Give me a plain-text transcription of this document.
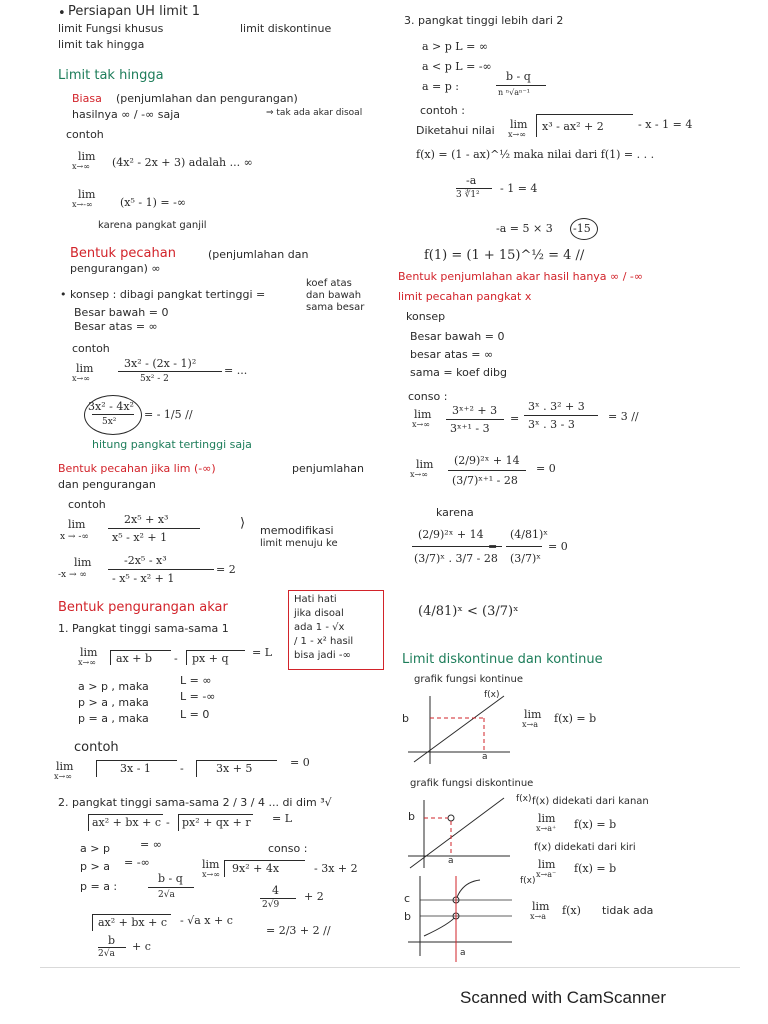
• Persiapan UH limit 1
limit Fungsi khusus	limit diskontinue
limit tak hingga
Limit tak hingga
Biasa (penjumlahan dan pengurangan)
hasilnya ∞ / -∞ saja	⇒ tak ada akar disoal
contoh
lim
x→∞ (4x² - 2x + 3) adalah ... ∞
lim
x→-∞ (x⁵ - 1) = -∞
karena pangkat ganjil
Bentuk pecahan	(penjumlahan dan
pengurangan) ∞
• konsep : dibagi pangkat tertinggi =
koef atas
dan bawah
sama besar
Besar bawah = 0
Besar atas = ∞
contoh
lim
x→∞
3x² - (2x - 1)²
5x² - 2
= ...
3x² - 4x²
5x²
= - 1/5 //
hitung pangkat tertinggi saja
Bentuk pecahan jika lim (-∞)	penjumlahan
dan pengurangan
contoh
lim
x → -∞
2x⁵ + x³
x⁵ - x² + 1
⟩ memodifikasi
limit menuju ke
lim
-x → ∞
-2x⁵ - x³
- x⁵ - x² + 1
= 2
Bentuk pengurangan akar
Hati hati
jika disoal
ada 1 - √x
/ 1 - x² hasil
bisa jadi -∞
1. Pangkat tinggi sama-sama 1
lim
x→∞ ax + b - px + q = L
a > p , maka	L = ∞
p > a , maka	L = -∞
p = a , maka	L = 0
contoh
lim
x→∞
3x - 1	-	3x + 5	= 0
2. pangkat tinggi sama-sama 2 / 3 / 4 ... di dim ³√
ax² + bx + c - px² + qx + r = L
a > p	= ∞
p > a = -∞
p = a :
b - q
2√a
conso :
lim
x→∞ 9x² + 4x	- 3x + 2
4
2√9
+ 2
= 2/3 + 2 //
ax² + bx + c - √a x + c
b
2√a
+ c
3. pangkat tinggi lebih dari 2
a > p L = ∞
a < p L = -∞
a = p :
b - q
n ⁿ√aⁿ⁻¹
contoh :
Diketahui nilai lim
x→∞
x³ - ax² + 2	- x - 1 = 4
f(x) = (1 - ax)^½ maka nilai dari f(1) = . . .
-a
3 ∛1² - 1 = 4
-a = 5 × 3 -15
f(1) = (1 + 15)^½ = 4 //
Bentuk penjumlahan akar hasil hanya ∞ / -∞
limit pecahan pangkat x
konsep
Besar bawah = 0
besar atas = ∞
sama = koef dibg
conso :
lim
x→∞
3ˣ⁺² + 3
3ˣ⁺¹ - 3
=
3ˣ . 3² + 3
3ˣ . 3 - 3
= 3 //
lim
x→∞
(2/9)²ˣ + 14
(3/7)ˣ⁺¹ - 28
= 0
karena
(2/9)²ˣ + 14
(3/7)ˣ . 3/7 - 28
=
(4/81)ˣ
(3/7)ˣ
= 0
(4/81)ˣ < (3/7)ˣ
Limit diskontinue dan kontinue
grafik fungsi kontinue
f(x)
b
a
lim
x→a f(x) = b
grafik fungsi diskontinue
f(x)
b
a
f(x) didekati dari kanan
lim
x→a⁺ f(x) = b
f(x) didekati dari kiri
lim
x→a⁻ f(x) = b
f(x)
c
b
a
lim
x→a f(x) tidak ada
Scanned with CamScanner
